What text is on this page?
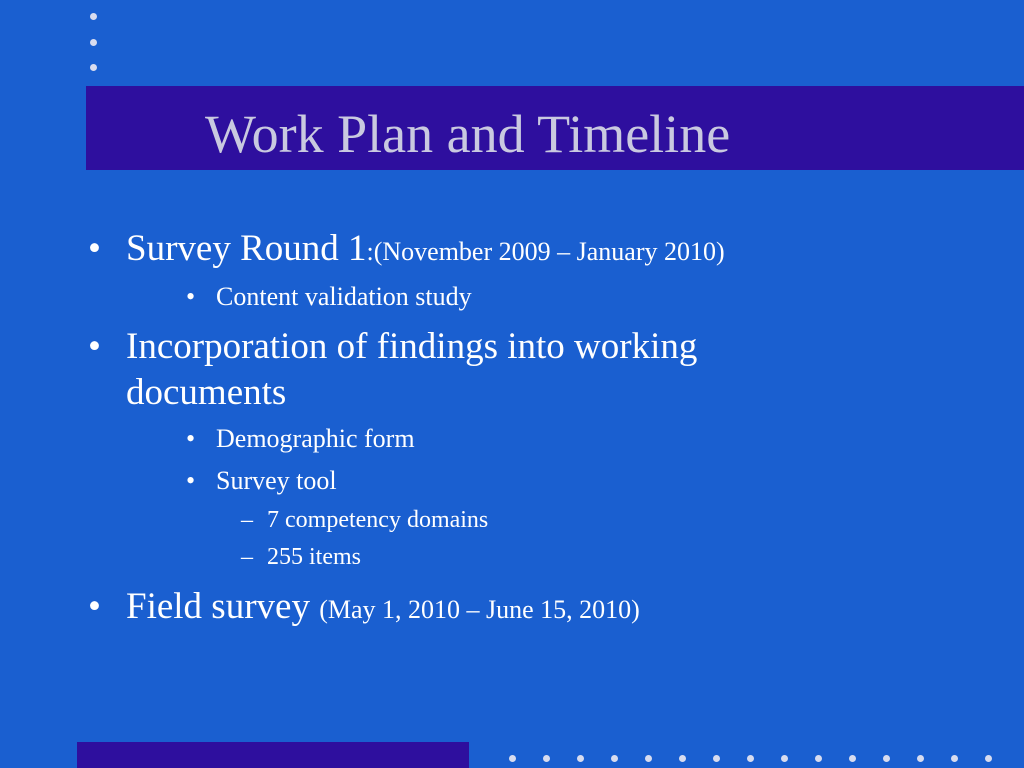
Work Plan and Timeline
• Survey Round 1:(November 2009 – January 2010)
• Content validation study
• Incorporation of findings into working
documents
• Demographic form
• Survey tool
– 7 competency domains
– 255 items
• Field survey (May 1, 2010 – June 15, 2010)
